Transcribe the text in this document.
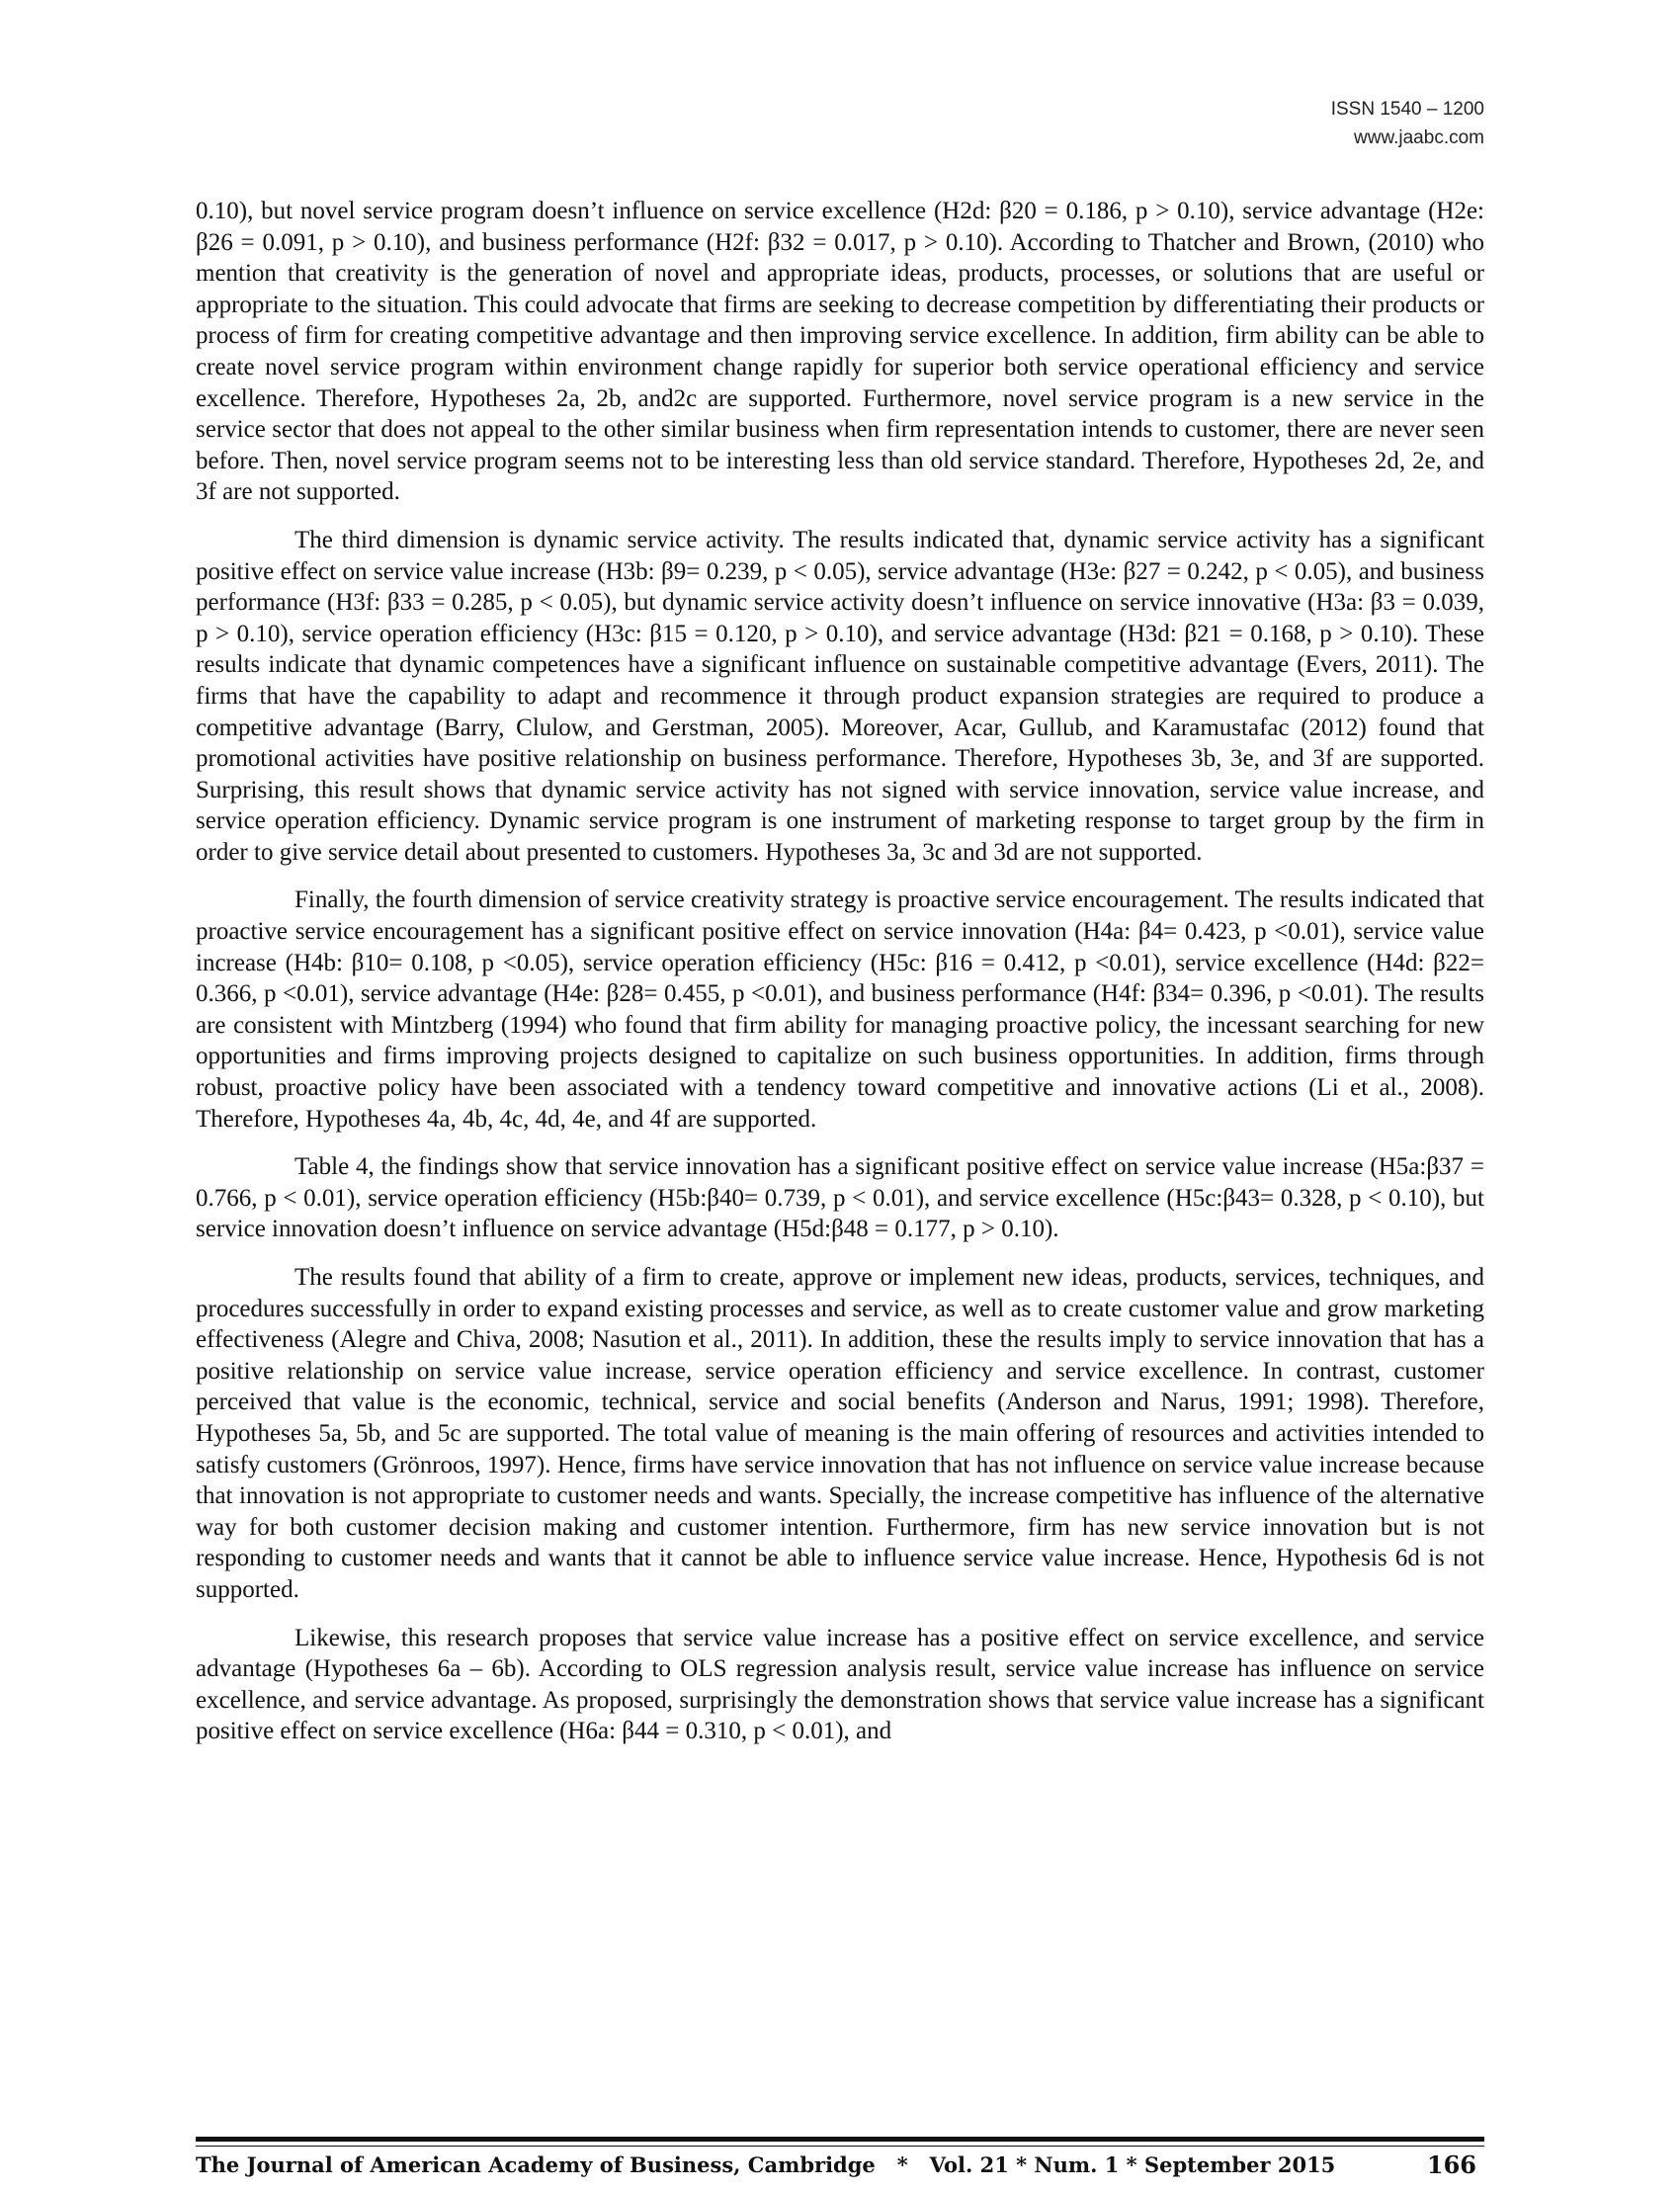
ISSN 1540 – 1200
www.jaabc.com

0.10), but novel service program doesn’t influence on service excellence (H2d: β20 = 0.186, p > 0.10), service advantage (H2e: β26 = 0.091, p > 0.10), and business performance (H2f: β32 = 0.017, p > 0.10). According to Thatcher and Brown, (2010) who mention that creativity is the generation of novel and appropriate ideas, products, processes, or solutions that are useful or appropriate to the situation. This could advocate that firms are seeking to decrease competition by differentiating their products or process of firm for creating competitive advantage and then improving service excellence. In addition, firm ability can be able to create novel service program within environment change rapidly for superior both service operational efficiency and service excellence. Therefore, Hypotheses 2a, 2b, and2c are supported. Furthermore, novel service program is a new service in the service sector that does not appeal to the other similar business when firm representation intends to customer, there are never seen before. Then, novel service program seems not to be interesting less than old service standard. Therefore, Hypotheses 2d, 2e, and 3f are not supported.

The third dimension is dynamic service activity. The results indicated that, dynamic service activity has a significant positive effect on service value increase (H3b: β9= 0.239, p < 0.05), service advantage (H3e: β27 = 0.242, p < 0.05), and business performance (H3f: β33 = 0.285, p < 0.05), but dynamic service activity doesn’t influence on service innovative (H3a: β3 = 0.039, p > 0.10), service operation efficiency (H3c: β15 = 0.120, p > 0.10), and service advantage (H3d: β21 = 0.168, p > 0.10). These results indicate that dynamic competences have a significant influence on sustainable competitive advantage (Evers, 2011). The firms that have the capability to adapt and recommence it through product expansion strategies are required to produce a competitive advantage (Barry, Clulow, and Gerstman, 2005). Moreover, Acar, Gullub, and Karamustafac (2012) found that promotional activities have positive relationship on business performance. Therefore, Hypotheses 3b, 3e, and 3f are supported. Surprising, this result shows that dynamic service activity has not signed with service innovation, service value increase, and service operation efficiency. Dynamic service program is one instrument of marketing response to target group by the firm in order to give service detail about presented to customers. Hypotheses 3a, 3c and 3d are not supported.

Finally, the fourth dimension of service creativity strategy is proactive service encouragement. The results indicated that proactive service encouragement has a significant positive effect on service innovation (H4a: β4= 0.423, p <0.01), service value increase (H4b: β10= 0.108, p <0.05), service operation efficiency (H5c: β16 = 0.412, p <0.01), service excellence (H4d: β22= 0.366, p <0.01), service advantage (H4e: β28= 0.455, p <0.01), and business performance (H4f: β34= 0.396, p <0.01). The results are consistent with Mintzberg (1994) who found that firm ability for managing proactive policy, the incessant searching for new opportunities and firms improving projects designed to capitalize on such business opportunities. In addition, firms through robust, proactive policy have been associated with a tendency toward competitive and innovative actions (Li et al., 2008). Therefore, Hypotheses 4a, 4b, 4c, 4d, 4e, and 4f are supported.

Table 4, the findings show that service innovation has a significant positive effect on service value increase (H5a:β37 = 0.766, p < 0.01), service operation efficiency (H5b:β40= 0.739, p < 0.01), and service excellence (H5c:β43= 0.328, p < 0.10), but service innovation doesn’t influence on service advantage (H5d:β48 = 0.177, p > 0.10).

The results found that ability of a firm to create, approve or implement new ideas, products, services, techniques, and procedures successfully in order to expand existing processes and service, as well as to create customer value and grow marketing effectiveness (Alegre and Chiva, 2008; Nasution et al., 2011). In addition, these the results imply to service innovation that has a positive relationship on service value increase, service operation efficiency and service excellence. In contrast, customer perceived that value is the economic, technical, service and social benefits (Anderson and Narus, 1991; 1998). Therefore, Hypotheses 5a, 5b, and 5c are supported. The total value of meaning is the main offering of resources and activities intended to satisfy customers (Grönroos, 1997). Hence, firms have service innovation that has not influence on service value increase because that innovation is not appropriate to customer needs and wants. Specially, the increase competitive has influence of the alternative way for both customer decision making and customer intention. Furthermore, firm has new service innovation but is not responding to customer needs and wants that it cannot be able to influence service value increase. Hence, Hypothesis 6d is not supported.

Likewise, this research proposes that service value increase has a positive effect on service excellence, and service advantage (Hypotheses 6a – 6b). According to OLS regression analysis result, service value increase has influence on service excellence, and service advantage. As proposed, surprisingly the demonstration shows that service value increase has a significant positive effect on service excellence (H6a: β44 = 0.310, p < 0.01), and

The Journal of American Academy of Business, Cambridge   *   Vol. 21 * Num. 1 * September 2015	166
